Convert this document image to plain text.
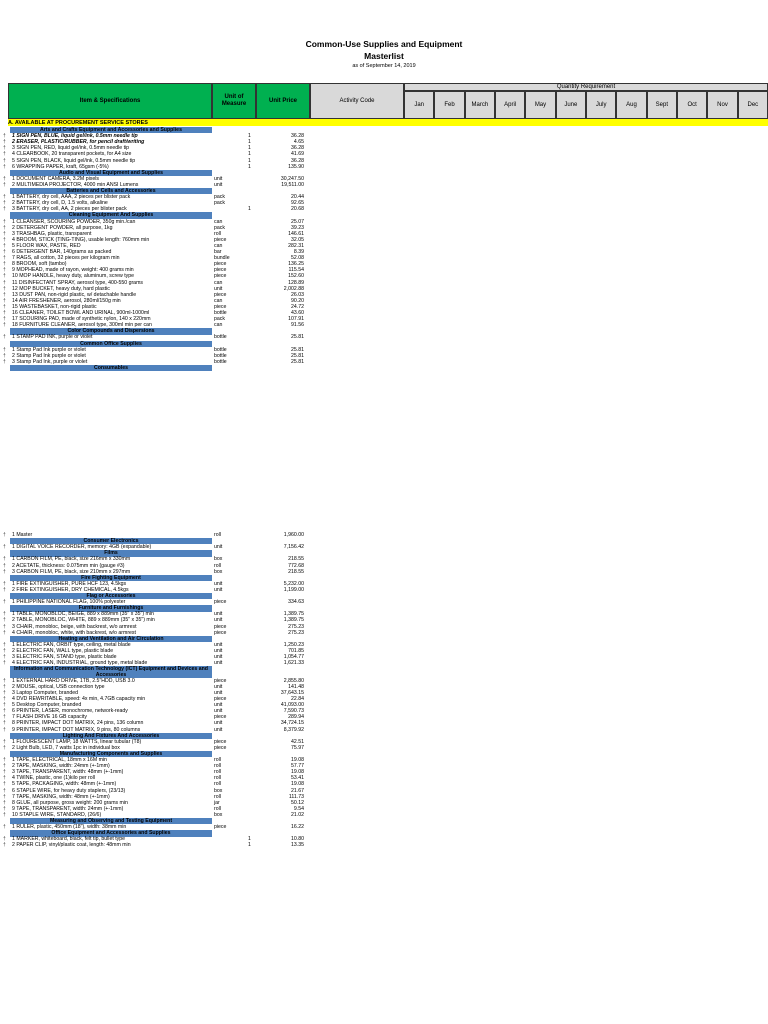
Common-Use Supplies and Equipment
Masterlist
as of September 14, 2019
Item & Specifications
Unit of Measure
Unit Price	Activity Code
Quantity Requirement
Jan	Feb	March	April	May	June	July	Aug	Sept	Oct	Nov	Dec
A. AVAILABLE AT PROCUREMENT SERVICE STORES
Arts and Crafts Equipment and Accessories and Supplies
† 1 SIGN PEN, BLUE, liquid gel/ink, 0.5mm needle tip	1	36.28
† 2 ERASER, PLASTIC/RUBBER, for pencil draft/writing	1	4.65
† 3 SIGN PEN, RED, liquid gel/ink, 0.5mm needle tip	1	36.28
† 4 CLEARBOOK, 20 transparent pockets, for A4 size	1	41.69
† 5 SIGN PEN, BLACK, liquid gel/ink, 0.5mm needle tip	1	36.28
† 6 WRAPPING PAPER, kraft, 65gsm (-5%)	1	135.90
Audio and Visual Equipment and Supplies
† 1 DOCUMENT CAMERA, 3.2M pixels	unit	30,247.50
† 2 MULTIMEDIA PROJECTOR, 4000 min ANSI Lumens	unit	19,511.00
Batteries and Cells and Accessories
† 1 BATTERY, dry cell, AAA, 2 pieces per blister pack	pack	20.44
† 2 BATTERY, dry cell, D, 1.5 volts, alkaline	pack	92.65
† 3 BATTERY, dry cell, AA, 2 pieces per blister pack	1	20.68
Cleaning Equipment And Supplies
† 1 CLEANSER, SCOURING POWDER, 350g min./can	can	25.07
† 2 DETERGENT POWDER, all purpose, 1kg	pack	39.23
† 3 TRASHBAG, plastic, transparent	roll	146.61
† 4 BROOM, STICK (TING-TING), usable length: 760mm min	piece	32.05
† 5 FLOOR WAX, PASTE, RED	can	282.31
† 6 DETERGENT BAR, 140grams as packed	bar	8.39
† 7 RAGS, all cotton, 32 pieces per kilogram min	bundle	52.08
† 8 BROOM, soft (tambo)	piece	136.25
† 9 MOPHEAD, made of rayon, weight: 400 grams min	piece	115.54
† 10 MOP HANDLE, heavy duty, aluminum, screw type	piece	152.60
† 11 DISINFECTANT SPRAY, aerosol type, 400-550 grams	can	128.89
† 12 MOP BUCKET, heavy duty, hard plastic	unit	2,002.88
† 13 DUST PAN, non-rigid plastic, w/ detachable handle	piece	26.03
† 14 AIR FRESHENER, aerosol, 280ml/150g min	can	90.20
† 15 WASTEBASKET, non-rigid plastic	piece	24.72
† 16 CLEANER, TOILET BOWL AND URINAL, 900ml-1000ml	bottle	43.60
† 17 SCOURING PAD, made of synthetic nylon, 140 x 220mm	pack	107.91
† 18 FURNITURE CLEANER, aerosol type, 300ml min per can	can	91.56
Color Compounds and Dispersions
† 1 STAMP PAD INK, purple or violet	bottle	25.81
Common Office Supplies
† 1 Stamp Pad Ink purple or violet	bottle	25.81
† 2 Stamp Pad Ink purple or violet	bottle	25.81
† 3 Stamp Pad Ink, purple or violet	bottle	25.81
Consumables
† 1 Master	roll	1,960.00
Consumer Electronics
† 1 DIGITAL VOICE RECORDER, memory: 4GB (expandable)	unit	7,156.42
Films
† 1 CARBON FILM, PE, black, size 216mm x 330mm	box	218.55
† 2 ACETATE, thickness: 0.075mm min (gauge #3)	roll	772.68
† 3 CARBON FILM, PE, black, size 210mm x 297mm	box	218.55
Fire Fighting Equipment
† 1 FIRE EXTINGUISHER, PURE HCF 123, 4.5kgs	unit	5,232.00
† 2 FIRE EXTINGUISHER, DRY CHEMICAL, 4.5kgs	unit	1,199.00
Flag or Accessories
† 1 PHILIPPINE NATIONAL FLAG, 100% polyester	piece	334.63
Furniture and Furnishings
† 1 TABLE, MONOBLOC, BEIGE, 889 x 889mm (35" x 35") min	unit	1,389.75
† 2 TABLE, MONOBLOC, WHITE, 889 x 889mm (35" x 35") min	unit	1,389.75
† 3 CHAIR, monobloc, beige, with backrest, w/o armrest	piece	275.23
† 4 CHAIR, monobloc, white, with backrest, w/o armrest	piece	275.23
Heating and Ventilation and Air Circulation
† 1 ELECTRIC FAN, ORBIT type, ceiling, metal blade	unit	1,250.23
† 2 ELECTRIC FAN, WALL type, plastic blade	unit	701.85
† 3 ELECTRIC FAN, STAND type, plastic blade	unit	1,054.77
† 4 ELECTRIC FAN, INDUSTRIAL, ground type, metal blade	unit	1,621.33
Information and Communication Technology (ICT) Equipment and Devices and Accessories
† 1 EXTERNAL HARD DRIVE, 1TB, 2.5"HDD, USB 3.0	piece	2,855.80
† 2 MOUSE, optical, USB connection type	unit	141.48
† 3 Laptop Computer, branded	unit	37,643.15
† 4 DVD REWRITABLE, speed: 4x min, 4.7GB capacity min	piece	22.84
† 5 Desktop Computer, branded	unit	41,093.00
† 6 PRINTER, LASER, monochrome, network-ready	unit	7,590.73
† 7 FLASH DRIVE 16 GB capacity	piece	289.94
† 8 PRINTER, IMPACT DOT MATRIX, 24 pins, 136 column	unit	34,724.15
† 9 PRINTER, IMPACT DOT MATRIX, 9 pins, 80 columns	unit	8,379.92
Lighting And Fixtures And Accessories
† 1 FLOURESCENT LAMP, 18 WATTS, linear tubular (T8)	piece	42.51
† 2 Light Bulb, LED, 7 watts 1pc in individual box	piece	75.97
Manufacturing Components and Supplies
† 1 TAPE, ELECTRICAL, 18mm x 16M min	roll	19.08
† 2 TAPE, MASKING, width: 24mm (+-1mm)	roll	57.77
† 3 TAPE, TRANSPARENT, width: 48mm (+-1mm)	roll	19.08
† 4 TWINE, plastic, one (1)kilo per roll	roll	53.41
† 5 TAPE, PACKAGING, width: 48mm (+-1mm)	roll	19.08
† 6 STAPLE WIRE, for heavy duty staplers, (23/13)	box	21.67
† 7 TAPE, MASKING, width: 48mm (+-1mm)	roll	111.73
† 8 GLUE, all purpose, gross weight: 200 grams min	jar	50.12
† 9 TAPE, TRANSPARENT, width: 24mm (+-1mm)	roll	9.54
† 10 STAPLE WIRE, STANDARD, (26/6)	box	21.02
Measuring and Observing and Testing Equipment
† 1 RULER, plastic, 450mm (18"), width: 38mm min	piece	16.22
Office Equipment and Accessories and Supplies
† 1 MARKER, whiteboard, black, felt tip, bullet type	1	10.80
† 2 PAPER CLIP, vinyl/plastic coat, length: 48mm min	1	13.35
